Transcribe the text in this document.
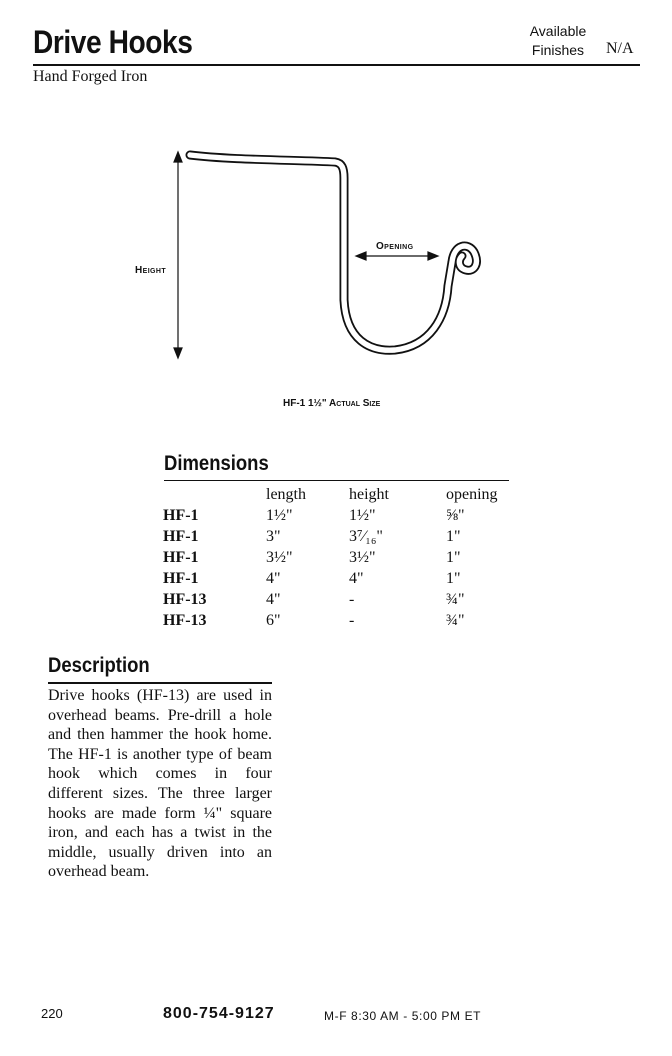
Drive Hooks	Available
Finishes	N/A
Hand Forged Iron
Height
Opening
HF-1 1½" Actual Size
Dimensions
	length	height	opening
HF-1	1½"	1½"	⅝"
HF-1	3"	3⁷⁄₁₆"	1"
HF-1	3½"	3½"	1"
HF-1	4"	4"	1"
HF-13	4"	-	¾"
HF-13	6"	-	¾"
Description
Drive hooks (HF-13) are used in overhead beams. Pre-drill a hole and then hammer the hook home. The HF-1 is another type of beam hook which comes in four different sizes. The three larger hooks are made form ¼" square iron, and each has a twist in the middle, usually driven into an overhead beam.
220	800-754-9127	M-F 8:30 AM - 5:00 PM ET
